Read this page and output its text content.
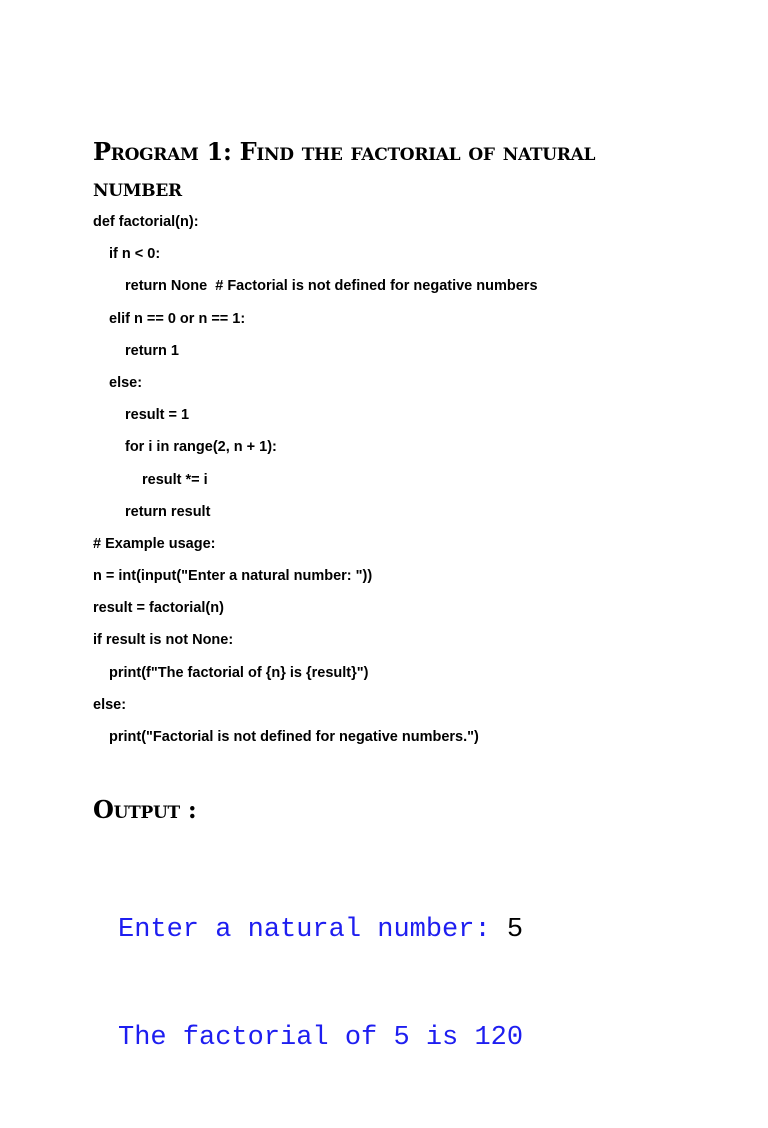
Program 1: Find the factorial of natural
number
def factorial(n):
if n < 0:
return None  # Factorial is not defined for negative numbers
elif n == 0 or n == 1:
return 1
else:
result = 1
for i in range(2, n + 1):
result *= i
return result
# Example usage:
n = int(input("Enter a natural number: "))
result = factorial(n)
if result is not None:
print(f"The factorial of {n} is {result}")
else:
print("Factorial is not defined for negative numbers.")
Output :

Enter a natural number: 5

The factorial of 5 is 120
